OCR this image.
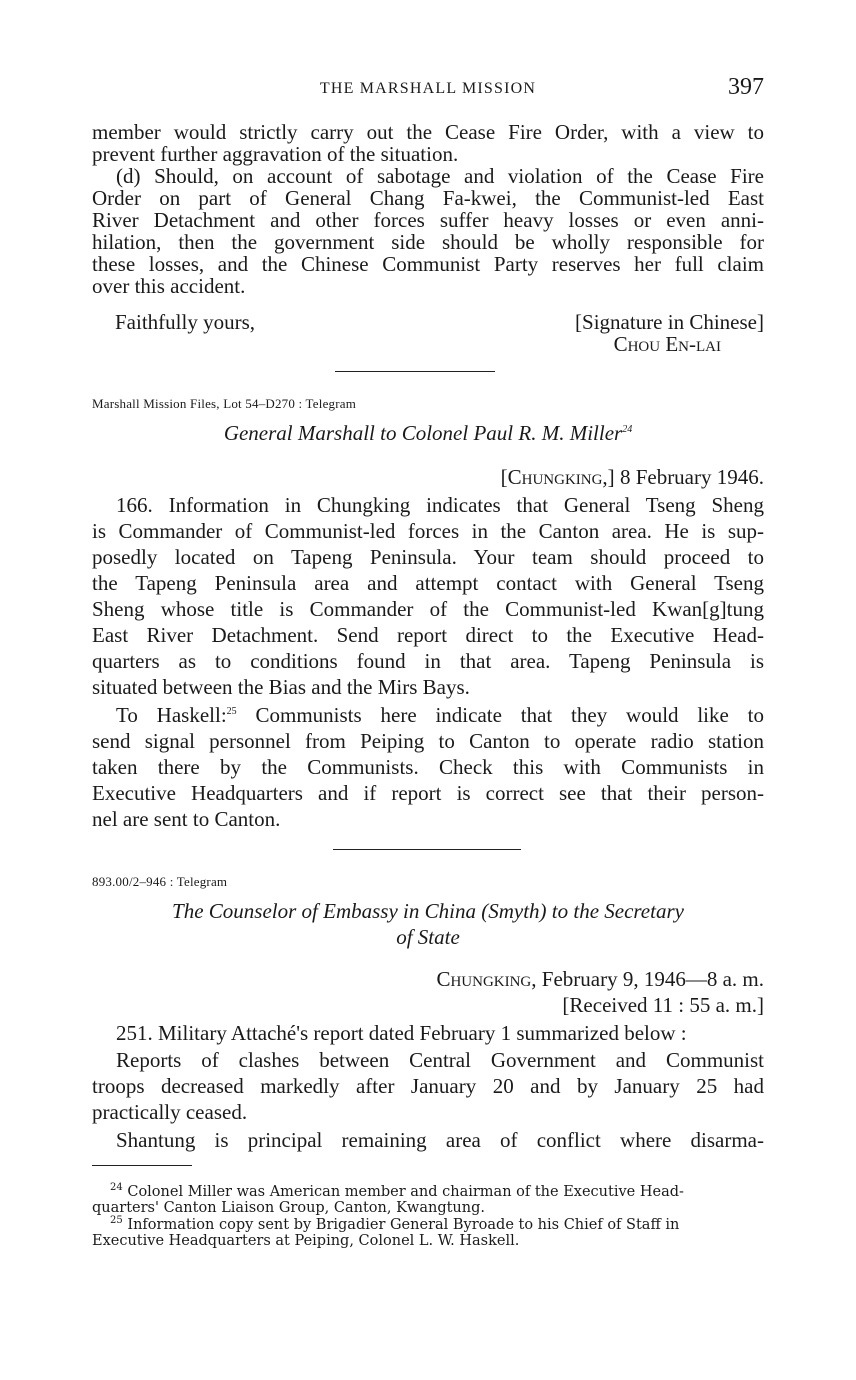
THE MARSHALL MISSION	397
member would strictly carry out the Cease Fire Order, with a view to
prevent further aggravation of the situation.
(d) Should, on account of sabotage and violation of the Cease Fire
Order on part of General Chang Fa-kwei, the Communist-led East
River Detachment and other forces suffer heavy losses or even anni-
hilation, then the government side should be wholly responsible for
these losses, and the Chinese Communist Party reserves her full claim
over this accident.
Faithfully yours,	[Signature in Chinese]
Chou En-lai
Marshall Mission Files, Lot 54–D270 : Telegram
General Marshall to Colonel Paul R. M. Miller$^{24}$
[Chungking,] 8 February 1946.
166. Information in Chungking indicates that General Tseng Sheng
is Commander of Communist-led forces in the Canton area. He is sup-
posedly located on Tapeng Peninsula. Your team should proceed to
the Tapeng Peninsula area and attempt contact with General Tseng
Sheng whose title is Commander of the Communist-led Kwan[g]tung
East River Detachment. Send report direct to the Executive Head-
quarters as to conditions found in that area. Tapeng Peninsula is
situated between the Bias and the Mirs Bays.
To Haskell:$^{25}$ Communists here indicate that they would like to
send signal personnel from Peiping to Canton to operate radio station
taken there by the Communists. Check this with Communists in
Executive Headquarters and if report is correct see that their person-
nel are sent to Canton.
893.00/2–946 : Telegram
The Counselor of Embassy in China (Smyth) to the Secretary
of State
Chungking, February 9, 1946—8 a. m.
[Received 11 : 55 a. m.]
251. Military Attaché's report dated February 1 summarized below :
Reports of clashes between Central Government and Communist
troops decreased markedly after January 20 and by January 25 had
practically ceased.
Shantung is principal remaining area of conflict where disarma-
$^{24}$ Colonel Miller was American member and chairman of the Executive Head-
quarters' Canton Liaison Group, Canton, Kwangtung.
$^{25}$ Information copy sent by Brigadier General Byroade to his Chief of Staff in
Executive Headquarters at Peiping, Colonel L. W. Haskell.
